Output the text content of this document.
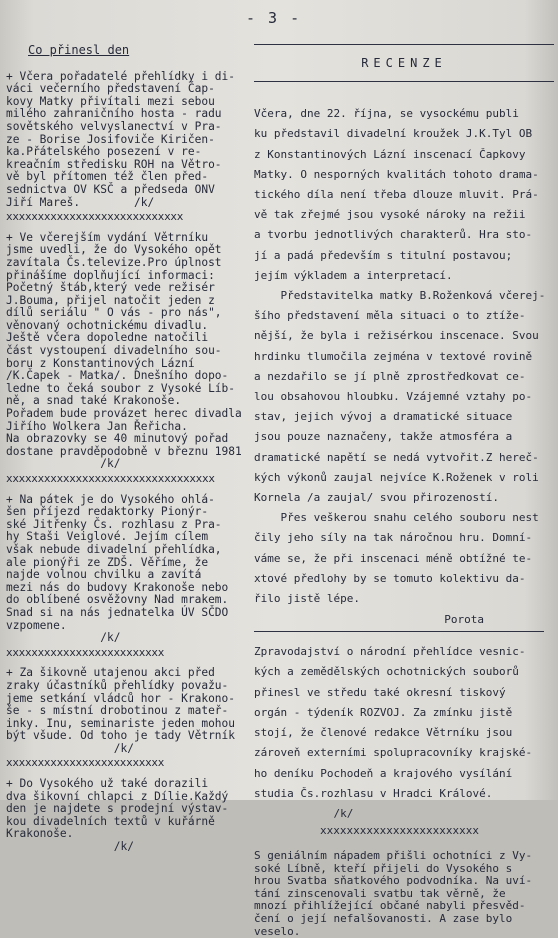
- 3 -
Co přinesl den
+ Včera pořadatelé přehlídky i di-
váci večerního představení Čap-
kovy Matky přivítali mezi sebou
milého zahraničního hosta - radu
sovětského velvyslanectví v Pra-
ze - Borise Josifoviče Kiričen-
ka.Přátelského posezení v re-
kreačním středisku ROH na Větro-
vě byl přítomen též člen před-
sednictva OV KSČ a předseda ONV
Jiří Mareš.        /k/
xxxxxxxxxxxxxxxxxxxxxxxxxxxx
+ Ve včerejším vydání Větrníku
jsme uvedli, že do Vysokého opět
zavítala Čs.televize.Pro úplnost
přinášíme doplňující informaci:
Početný štáb,který vede režisér
J.Bouma, přijel natočit jeden z
dílů seriálu " O vás - pro nás",
věnovaný ochotnickému divadlu.
Ještě včera dopoledne natočili
část vystoupení divadelního sou-
boru z Konstantinových Lázní
/K.Čapek - Matka/. Dnešního dopo-
ledne to čeká soubor z Vysoké Líb-
ně, a snad také Krakonoše.
Pořadem bude provázet herec divadla
Jiřího Wolkera Jan Řeřicha.
Na obrazovky se 40 minutový pořad
dostane pravděpodobně v březnu 1981
/k/
xxxxxxxxxxxxxxxxxxxxxxxxxxxxxxxxx
+ Na pátek je do Vysokého ohlá-
šen příjezd redaktorky Pionýr-
ské Jitřenky Čs. rozhlasu z Pra-
hy Staši Veiglové. Jejím cílem
však nebude divadelní přehlídka,
ale pionýři ze ZDŠ. Věříme, že
najde volnou chvilku a zavítá
mezi nás do budovy Krakonoše nebo
do oblíbené osvěžovny Nad mrakem.
Snad si na nás jednatelka ÚV SČDO
vzpomene.
/k/
xxxxxxxxxxxxxxxxxxxxxxxxx
+ Za šikovně utajenou akci před
zraky účastníků přehlídky považu-
jeme setkání vládců hor - Krakono-
še - s místní drobotinou z mateř-
inky. Inu, seminariste jeden mohou
být všude. Od toho je tady Větrník
/k/
xxxxxxxxxxxxxxxxxxxxxxxxx
+ Do Vysokého už také dorazili
dva šikovní chlapci z Dílie.Každý
den je najdete s prodejní výstav-
kou divadelních textů v kuřárně
Krakonoše.
/k/
RECENZE
Včera, dne 22. října, se vysockému publi
ku představil divadelní kroužek J.K.Tyl OB
z Konstantinových Lázní inscenací Čapkovy
Matky. O nesporných kvalitách tohoto drama-
tického díla není třeba dlouze mluvit. Prá-
vě tak zřejmé jsou vysoké nároky na režii
a tvorbu jednotlivých charakterů. Hra sto-
jí a padá především s titulní postavou;
jejím výkladem a interpretací.
Představitelka matky B.Roženková včerej-
šího představení měla situaci o to ztíže-
nější, že byla i režisérkou inscenace. Svou
hrdinku tlumočila zejména v textové rovině
a nezdařilo se jí plně zprostředkovat ce-
lou obsahovou hloubku. Vzájemné vztahy po-
stav, jejich vývoj a dramatické situace
jsou pouze naznačeny, takže atmosféra a
dramatické napětí se nedá vytvořit.Z hereč-
kých výkonů zaujal nejvíce K.Roženek v roli
Kornela /a zaujal/ svou přirozeností.
Přes veškerou snahu celého souboru nest
čily jeho síly na tak náročnou hru. Domní-
váme se, že při inscenaci méně obtížné te-
xtové předlohy by se tomuto kolektivu da-
řilo jistě lépe.
Porota
Zpravodajství o národní přehlídce vesnic-
kých a zemědělských ochotnických souborů
přinesl ve středu také okresní tiskový
orgán - týdeník ROZVOJ. Za zmínku jistě
stojí, že členové redakce Větrníku jsou
zároveň externími spolupracovníky krajské-
ho deníku Pochodeň a krajového vysílání
studia Čs.rozhlasu v Hradci Králové.
/k/
xxxxxxxxxxxxxxxxxxxxxxxx
S geniálním nápadem přišli ochotníci z Vy-
soké Líbně, kteří přijeli do Vysokého s
hrou Svatba sňatkového podvodníka. Na uví-
tání zinscenovali svatbu tak věrně, že
mnozí přihlížející občané nabyli přesvěd-
čení o její nefalšovanosti. A zase bylo
veselo.
